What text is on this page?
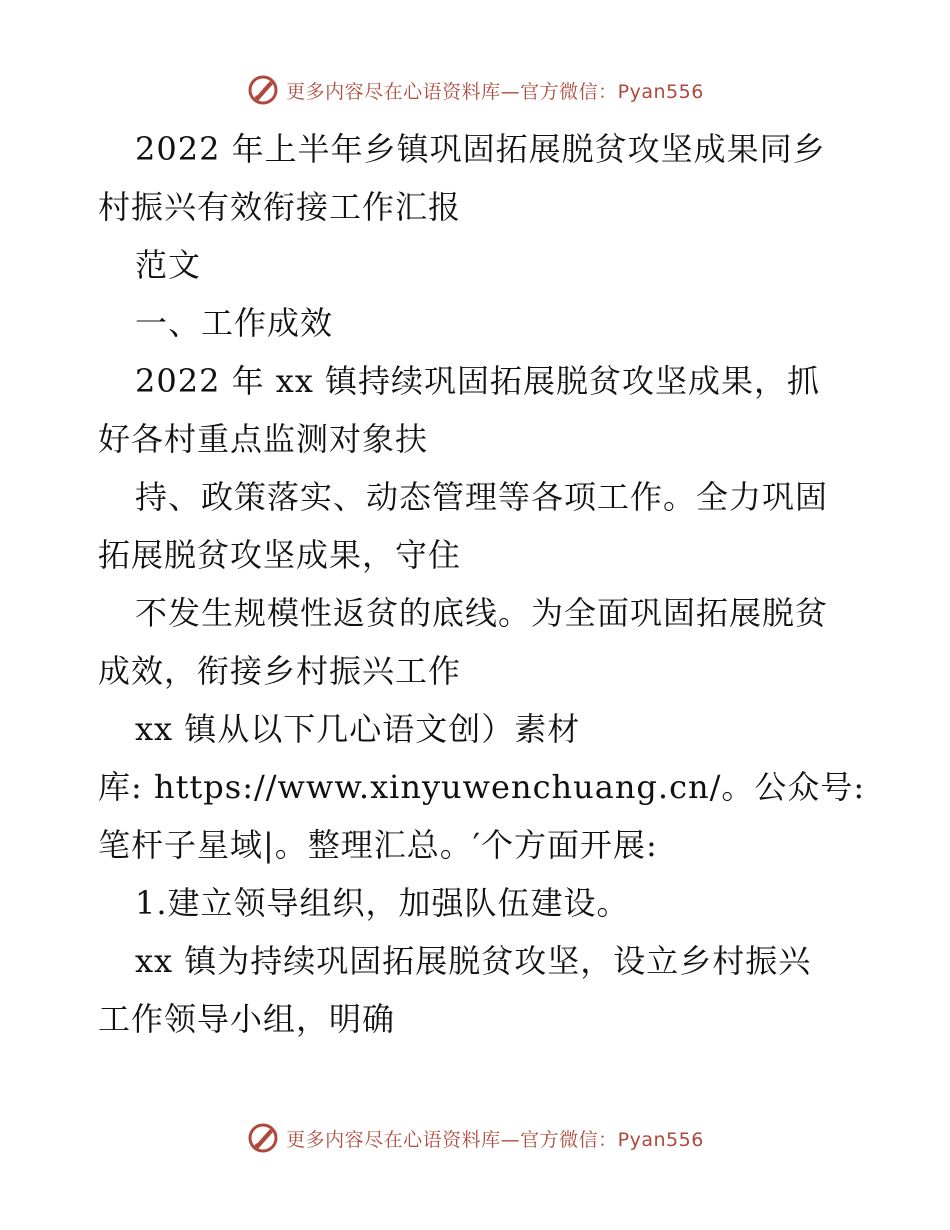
更多内容尽在心语资料库—官方微信：Pyan556
2022 年上半年乡镇巩固拓展脱贫攻坚成果同乡
村振兴有效衔接工作汇报
范文
一、工作成效
2022 年 xx 镇持续巩固拓展脱贫攻坚成果，抓
好各村重点监测对象扶
持、政策落实、动态管理等各项工作。全力巩固
拓展脱贫攻坚成果，守住
不发生规模性返贫的底线。为全面巩固拓展脱贫
成效，衔接乡村振兴工作
xx 镇从以下几心语文创）素材
库: https://www.xinyuwenchuang.cn/。公众号:
笔杆子星域|。整理汇总。′个方面开展:
1.建立领导组织，加强队伍建设。
xx 镇为持续巩固拓展脱贫攻坚，设立乡村振兴
工作领导小组，明确
更多内容尽在心语资料库—官方微信：Pyan556
